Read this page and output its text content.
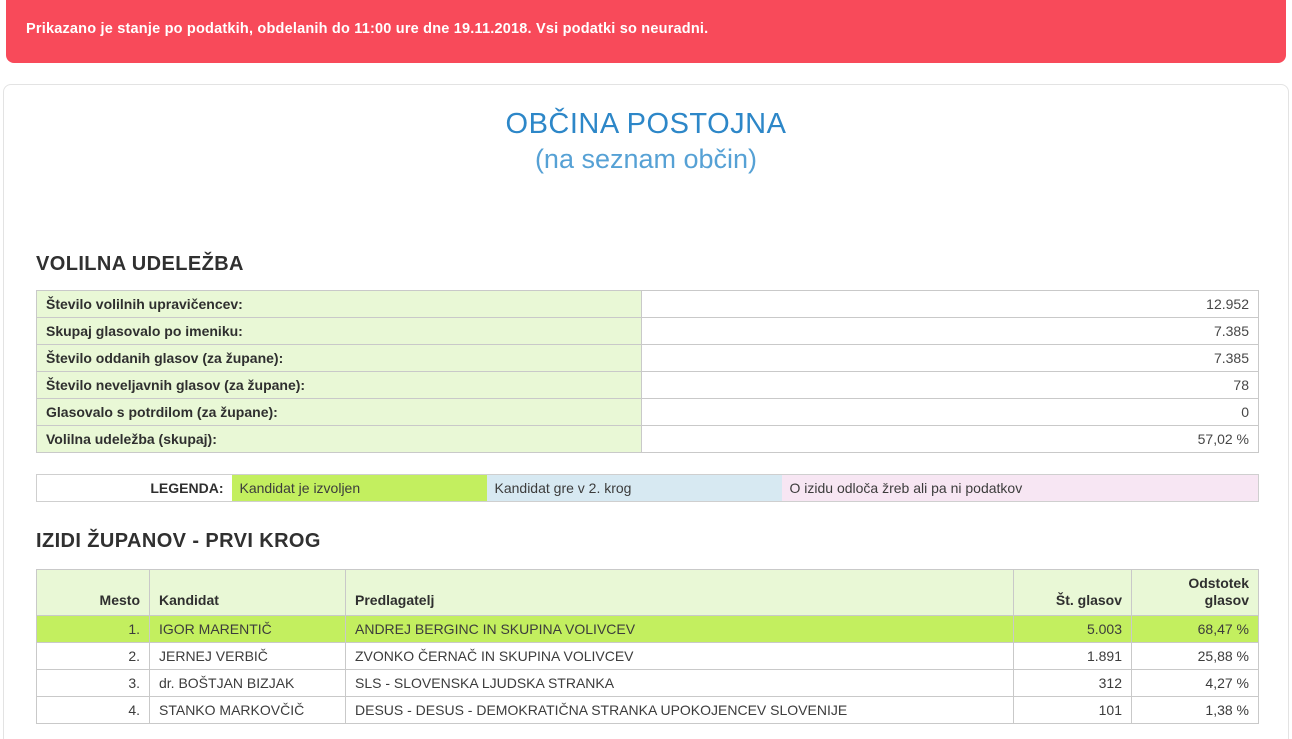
Prikazano je stanje po podatkih, obdelanih do 11:00 ure dne 19.11.2018. Vsi podatki so neuradni.
OBČINA POSTOJNA
(na seznam občin)
VOLILNA UDELEŽBA
Število volilnih upravičencev:	12.952
Skupaj glasovalo po imeniku:	7.385
Število oddanih glasov (za župane):	7.385
Število neveljavnih glasov (za župane):	78
Glasovalo s potrdilom (za župane):	0
Volilna udeležba (skupaj):	57,02 %
LEGENDA:	Kandidat je izvoljen	Kandidat gre v 2. krog	O izidu odloča žreb ali pa ni podatkov
IZIDI ŽUPANOV - PRVI KROG
Mesto	Kandidat	Predlagatelj	Št. glasov	Odstotek glasov
1.	IGOR MARENTIČ	ANDREJ BERGINC IN SKUPINA VOLIVCEV	5.003	68,47 %
2.	JERNEJ VERBIČ	ZVONKO ČERNAČ IN SKUPINA VOLIVCEV	1.891	25,88 %
3.	dr. BOŠTJAN BIZJAK	SLS - SLOVENSKA LJUDSKA STRANKA	312	4,27 %
4.	STANKO MARKOVČIČ	DESUS - DESUS - DEMOKRATIČNA STRANKA UPOKOJENCEV SLOVENIJE	101	1,38 %
